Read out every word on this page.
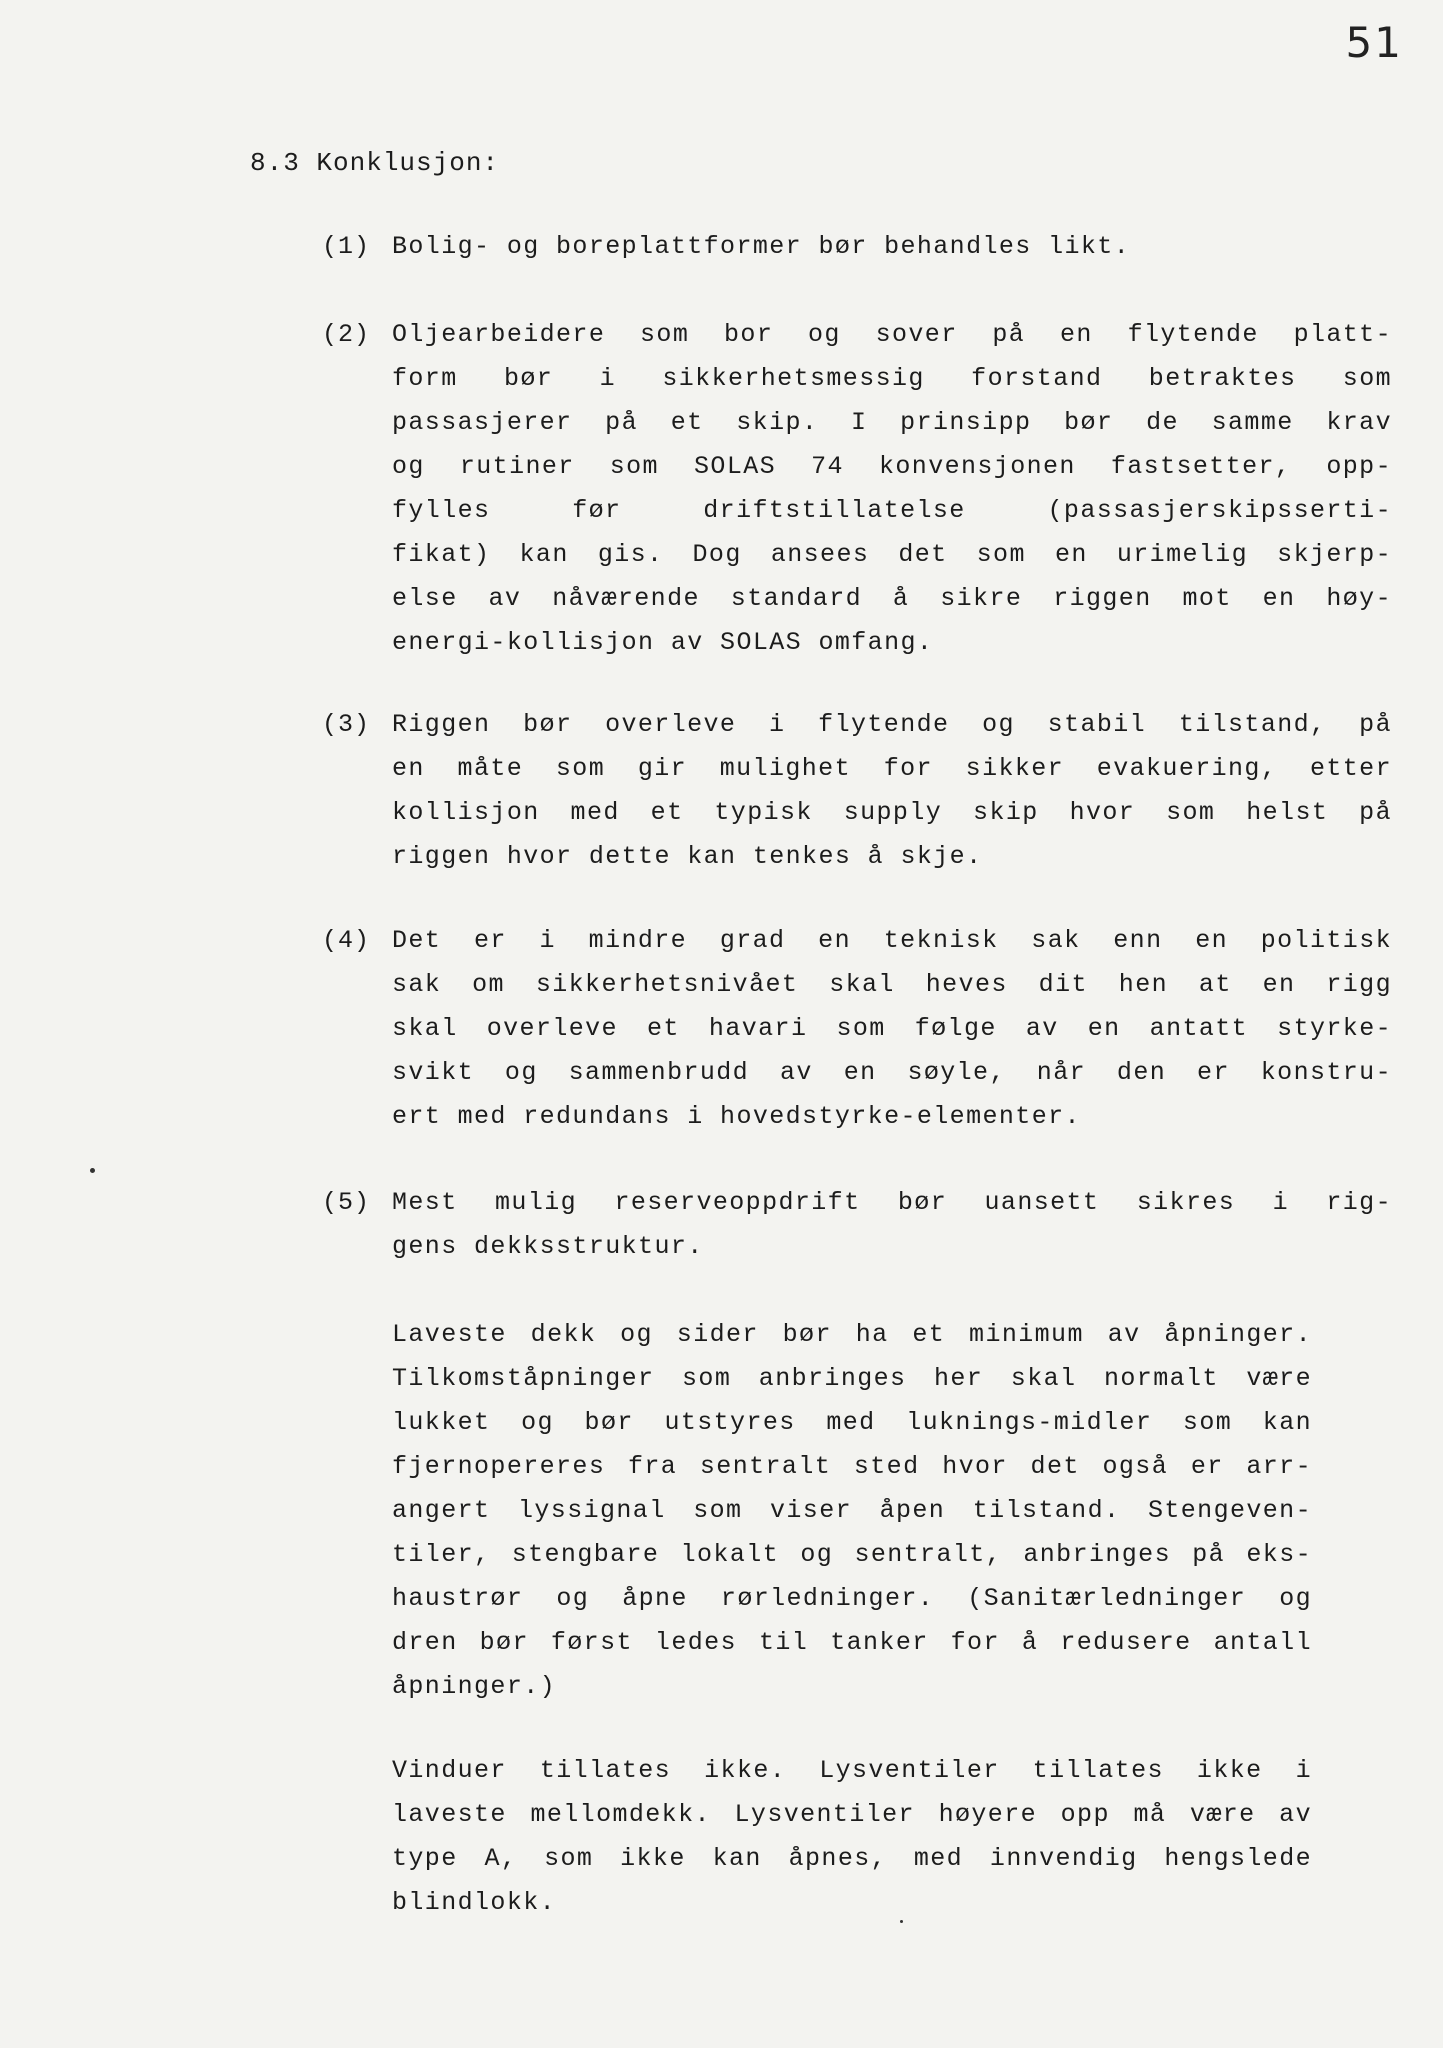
51
8.3 Konklusjon:
(1) Bolig- og boreplattformer bør behandles likt.
(2) Oljearbeidere som bor og sover på en flytende platt-
form bør i sikkerhetsmessig forstand betraktes som
passasjerer på et skip. I prinsipp bør de samme krav
og rutiner som SOLAS 74 konvensjonen fastsetter, opp-
fylles før driftstillatelse (passasjerskipsserti-
fikat) kan gis. Dog ansees det som en urimelig skjerp-
else av nåværende standard å sikre riggen mot en høy-
energi-kollisjon av SOLAS omfang.
(3) Riggen bør overleve i flytende og stabil tilstand, på
en måte som gir mulighet for sikker evakuering, etter
kollisjon med et typisk supply skip hvor som helst på
riggen hvor dette kan tenkes å skje.
(4) Det er i mindre grad en teknisk sak enn en politisk
sak om sikkerhetsnivået skal heves dit hen at en rigg
skal overleve et havari som følge av en antatt styrke-
svikt og sammenbrudd av en søyle, når den er konstru-
ert med redundans i hovedstyrke-elementer.
(5) Mest mulig reserveoppdrift bør uansett sikres i rig-
gens dekksstruktur.
Laveste dekk og sider bør ha et minimum av åpninger.
Tilkomståpninger som anbringes her skal normalt være
lukket og bør utstyres med luknings-midler som kan
fjernopereres fra sentralt sted hvor det også er arr-
angert lyssignal som viser åpen tilstand. Stengeven-
tiler, stengbare lokalt og sentralt, anbringes på eks-
haustrør og åpne rørledninger. (Sanitærledninger og
dren bør først ledes til tanker for å redusere antall
åpninger.)
Vinduer tillates ikke. Lysventiler tillates ikke i
laveste mellomdekk. Lysventiler høyere opp må være av
type A, som ikke kan åpnes, med innvendig hengslede
blindlokk.
